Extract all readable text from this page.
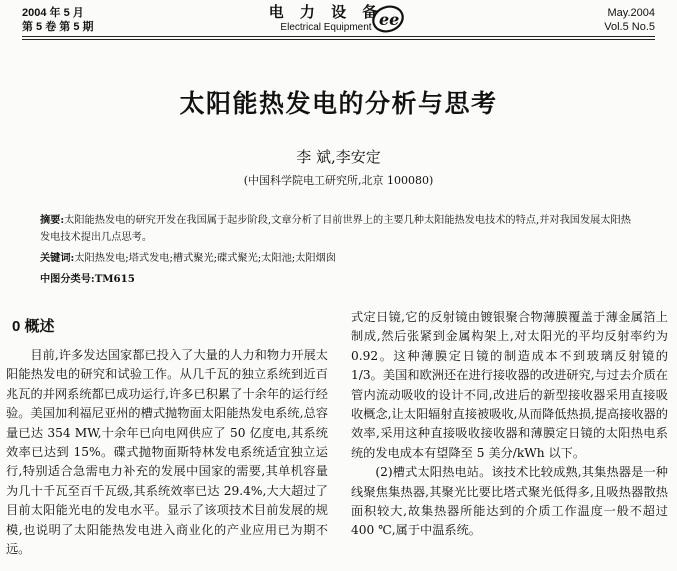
2004 年 5 月
第 5 卷 第 5 期
电 力 设 备
Electrical Equipment ee	May.2004
Vol.5 No.5
太阳能热发电的分析与思考
李 斌,李安定
(中国科学院电工研究所,北京 100080)
摘要:太阳能热发电的研究开发在我国属于起步阶段,文章分析了目前世界上的主要几种太阳能热发电技术的特点,并对我国发展太阳热发电技术提出几点思考。
关键词:太阳热发电;塔式发电;槽式聚光;碟式聚光;太阳池;太阳烟囱
中图分类号:TM615
0 概述

目前,许多发达国家都已投入了大量的人力和物力开展太阳能热发电的研究和试验工作。从几千瓦的独立系统到近百兆瓦的并网系统都已成功运行,许多已积累了十余年的运行经验。美国加利福尼亚州的槽式抛物面太阳能热发电系统,总容量已达 354 MW,十余年已向电网供应了 50 亿度电,其系统效率已达到 15%。碟式抛物面斯特林发电系统适宜独立运行,特别适合急需电力补充的发展中国家的需要,其单机容量为几十千瓦至百千瓦级,其系统效率已达 29.4%,大大超过了目前太阳能光电的发电水平。显示了该项技术目前发展的规模,也说明了太阳能热发电进入商业化的产业应用已为期不远。

式定日镜,它的反射镜由镀银聚合物薄膜覆盖于薄金属箔上制成,然后张紧到金属构架上,对太阳光的平均反射率约为 0.92。这种薄膜定日镜的制造成本不到玻璃反射镜的 1/3。美国和欧洲还在进行接收器的改进研究,与过去介质在管内流动吸收的设计不同,改进后的新型接收器采用直接吸收概念,让太阳辐射直接被吸收,从而降低热损,提高接收器的效率,采用这种直接吸收接收器和薄膜定日镜的太阳热电系统的发电成本有望降至 5 美分/kWh 以下。

(2)槽式太阳热电站。该技术比较成熟,其集热器是一种线聚焦集热器,其聚光比要比塔式聚光低得多,且吸热器散热面积较大,故集热器所能达到的介质工作温度一般不超过 400 ℃,属于中温系统。
